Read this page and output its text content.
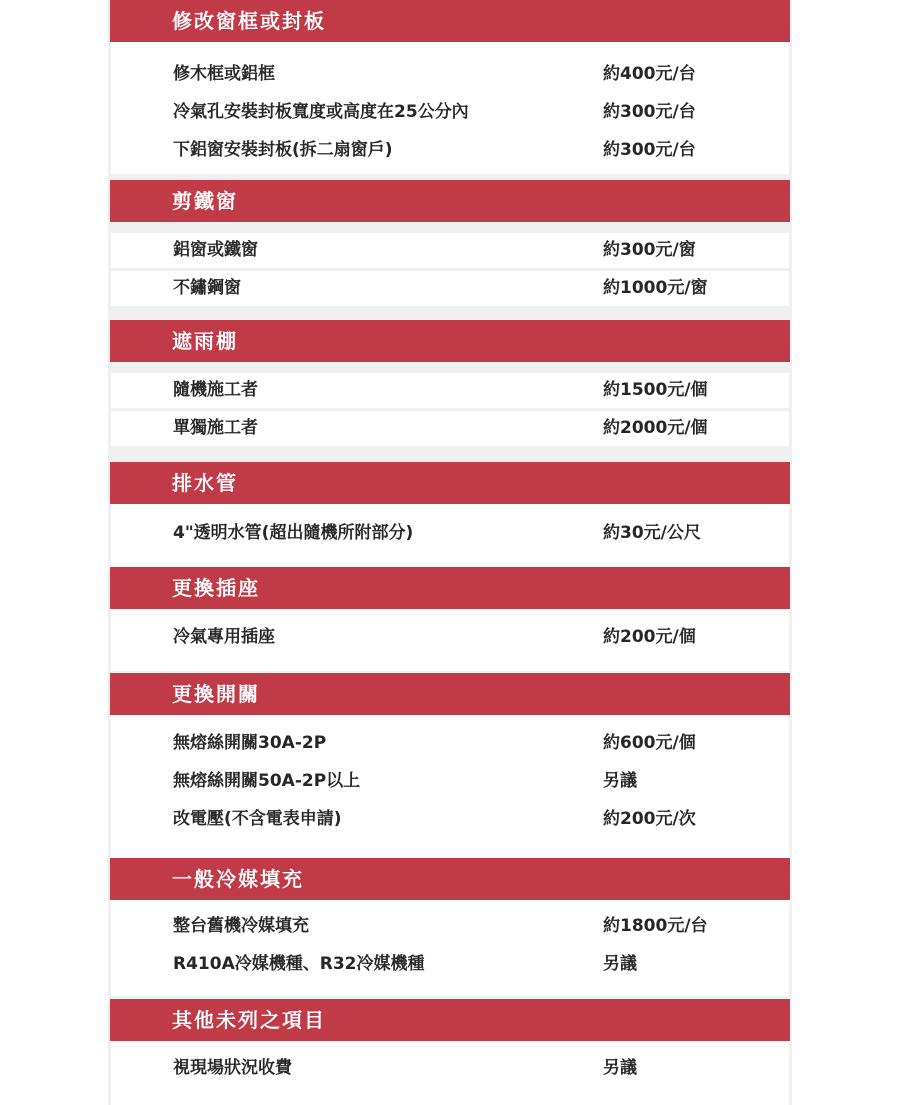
修改窗框或封板
修木框或鋁框	約400元/台
冷氣孔安裝封板寬度或高度在25公分內	約300元/台
下鋁窗安裝封板(拆二扇窗戶)	約300元/台
剪鐵窗
鋁窗或鐵窗	約300元/窗
不鏽鋼窗	約1000元/窗
遮雨棚
隨機施工者	約1500元/個
單獨施工者	約2000元/個
排水管
4"透明水管(超出隨機所附部分)	約30元/公尺
更換插座
冷氣專用插座	約200元/個
更換開關
無熔絲開關30A-2P	約600元/個
無熔絲開關50A-2P以上	另議
改電壓(不含電表申請)	約200元/次
一般冷媒填充
整台舊機冷媒填充	約1800元/台
R410A冷媒機種、R32冷媒機種	另議
其他未列之項目
視現場狀況收費	另議
